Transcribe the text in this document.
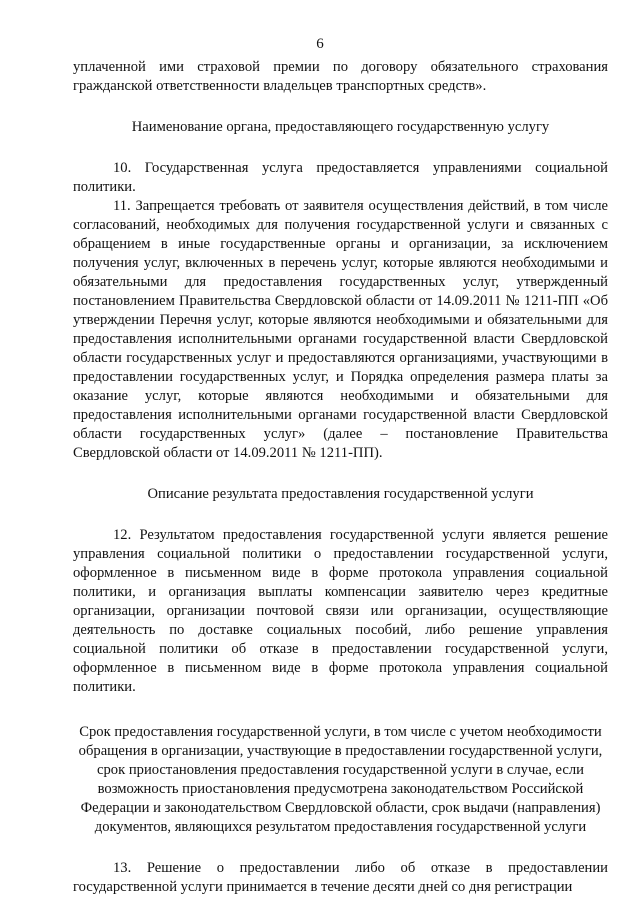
6

уплаченной ими страховой премии по договору обязательного страхования гражданской ответственности владельцев транспортных средств».

Наименование органа, предоставляющего государственную услугу

10. Государственная услуга предоставляется управлениями социальной политики.

11. Запрещается требовать от заявителя осуществления действий, в том числе согласований, необходимых для получения государственной услуги и связанных с обращением в иные государственные органы и организации, за исключением получения услуг, включенных в перечень услуг, которые являются необходимыми и обязательными для предоставления государственных услуг, утвержденный постановлением Правительства Свердловской области от 14.09.2011 № 1211-ПП «Об утверждении Перечня услуг, которые являются необходимыми и обязательными для предоставления исполнительными органами государственной власти Свердловской области государственных услуг и предоставляются организациями, участвующими в предоставлении государственных услуг, и Порядка определения размера платы за оказание услуг, которые являются необходимыми и обязательными для предоставления исполнительными органами государственной власти Свердловской области государственных услуг» (далее – постановление Правительства Свердловской области от 14.09.2011 № 1211-ПП).

Описание результата предоставления государственной услуги

12. Результатом предоставления государственной услуги является решение управления социальной политики о предоставлении государственной услуги, оформленное в письменном виде в форме протокола управления социальной политики, и организация выплаты компенсации заявителю через кредитные организации, организации почтовой связи или организации, осуществляющие деятельность по доставке социальных пособий, либо решение управления социальной политики об отказе в предоставлении государственной услуги, оформленное в письменном виде в форме протокола управления социальной политики.

Срок предоставления государственной услуги, в том числе с учетом необходимости обращения в организации, участвующие в предоставлении государственной услуги, срок приостановления предоставления государственной услуги в случае, если возможность приостановления предусмотрена законодательством Российской Федерации и законодательством Свердловской области, срок выдачи (направления) документов, являющихся результатом предоставления государственной услуги

13. Решение о предоставлении либо об отказе в предоставлении государственной услуги принимается в течение десяти дней со дня регистрации
